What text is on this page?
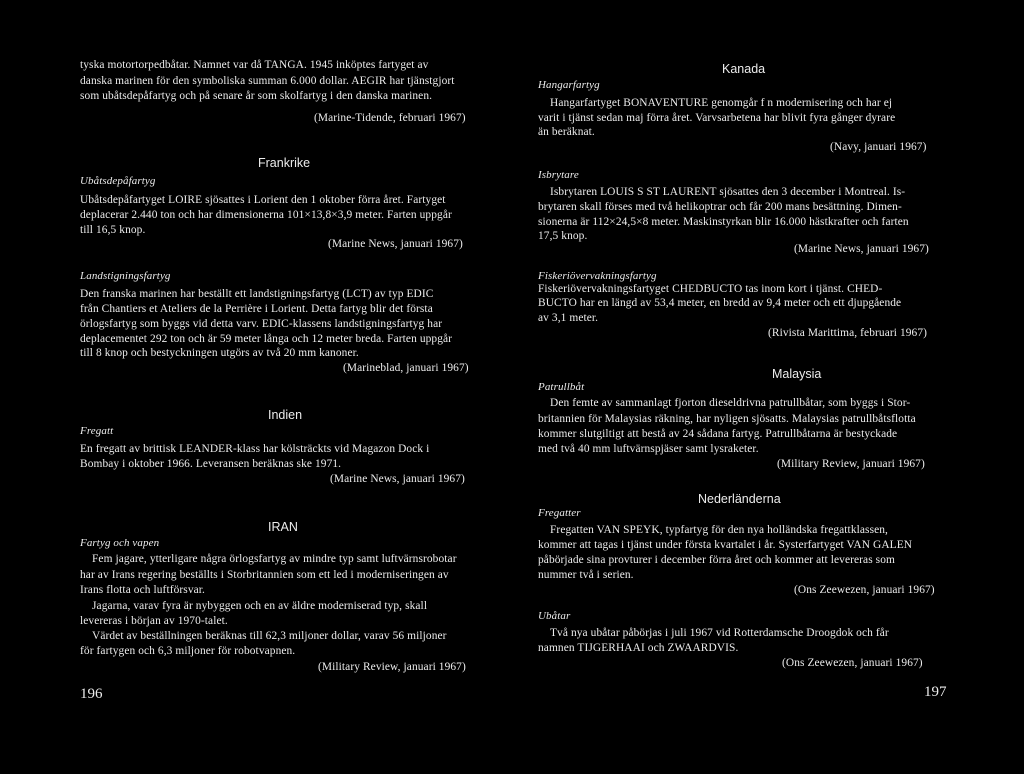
tyska motortorpedbåtar. Namnet var då TANGA. 1945 inköptes fartyget av
danska marinen för den symboliska summan 6.000 dollar. AEGIR har tjänstgjort
som ubåtsdepåfartyg och på senare år som skolfartyg i den danska marinen.
(Marine-Tidende, februari 1967)
Frankrike
Ubåtsdepåfartyg
Ubåtsdepåfartyget LOIRE sjösattes i Lorient den 1 oktober förra året. Fartyget
deplacerar 2.440 ton och har dimensionerna 101×13,8×3,9 meter. Farten uppgår
till 16,5 knop.
(Marine News, januari 1967)
Landstigningsfartyg
Den franska marinen har beställt ett landstigningsfartyg (LCT) av typ EDIC
från Chantiers et Ateliers de la Perrière i Lorient. Detta fartyg blir det första
örlogsfartyg som byggs vid detta varv. EDIC-klassens landstigningsfartyg har
deplacementet 292 ton och är 59 meter långa och 12 meter breda. Farten uppgår
till 8 knop och bestyckningen utgörs av två 20 mm kanoner.
(Marineblad, januari 1967)
Indien
Fregatt
En fregatt av brittisk LEANDER-klass har kölsträckts vid Magazon Dock i
Bombay i oktober 1966. Leveransen beräknas ske 1971.
(Marine News, januari 1967)
IRAN
Fartyg och vapen
Fem jagare, ytterligare några örlogsfartyg av mindre typ samt luftvärnsrobotar
har av Irans regering beställts i Storbritannien som ett led i moderniseringen av
Irans flotta och luftförsvar.
Jagarna, varav fyra är nybyggen och en av äldre moderniserad typ, skall
levereras i början av 1970-talet.
Värdet av beställningen beräknas till 62,3 miljoner dollar, varav 56 miljoner
för fartygen och 6,3 miljoner för robotvapnen.
(Military Review, januari 1967)
196
Kanada
Hangarfartyg
Hangarfartyget BONAVENTURE genomgår f n modernisering och har ej
varit i tjänst sedan maj förra året. Varvsarbetena har blivit fyra gånger dyrare
än beräknat.
(Navy, januari 1967)
Isbrytare
Isbrytaren LOUIS S ST LAURENT sjösattes den 3 december i Montreal. Is-
brytaren skall förses med två helikoptrar och får 200 mans besättning. Dimen-
sionerna är 112×24,5×8 meter. Maskinstyrkan blir 16.000 hästkrafter och farten
17,5 knop.
(Marine News, januari 1967)
Fiskeriövervakningsfartyg
Fiskeriövervakningsfartyget CHEDBUCTO tas inom kort i tjänst. CHED-
BUCTO har en längd av 53,4 meter, en bredd av 9,4 meter och ett djupgående
av 3,1 meter.
(Rivista Marittima, februari 1967)
Malaysia
Patrullbåt
Den femte av sammanlagt fjorton dieseldrivna patrullbåtar, som byggs i Stor-
britannien för Malaysias räkning, har nyligen sjösatts. Malaysias patrullbåtsflotta
kommer slutgiltigt att bestå av 24 sådana fartyg. Patrullbåtarna är bestyckade
med två 40 mm luftvärnspjäser samt lysraketer.
(Military Review, januari 1967)
Nederländerna
Fregatter
Fregatten VAN SPEYK, typfartyg för den nya holländska fregattklassen,
kommer att tagas i tjänst under första kvartalet i år. Systerfartyget VAN GALEN
påbörjade sina provturer i december förra året och kommer att levereras som
nummer två i serien.
(Ons Zeewezen, januari 1967)
Ubåtar
Två nya ubåtar påbörjas i juli 1967 vid Rotterdamsche Droogdok och får
namnen TIJGERHAAI och ZWAARDVIS.
(Ons Zeewezen, januari 1967)
197
